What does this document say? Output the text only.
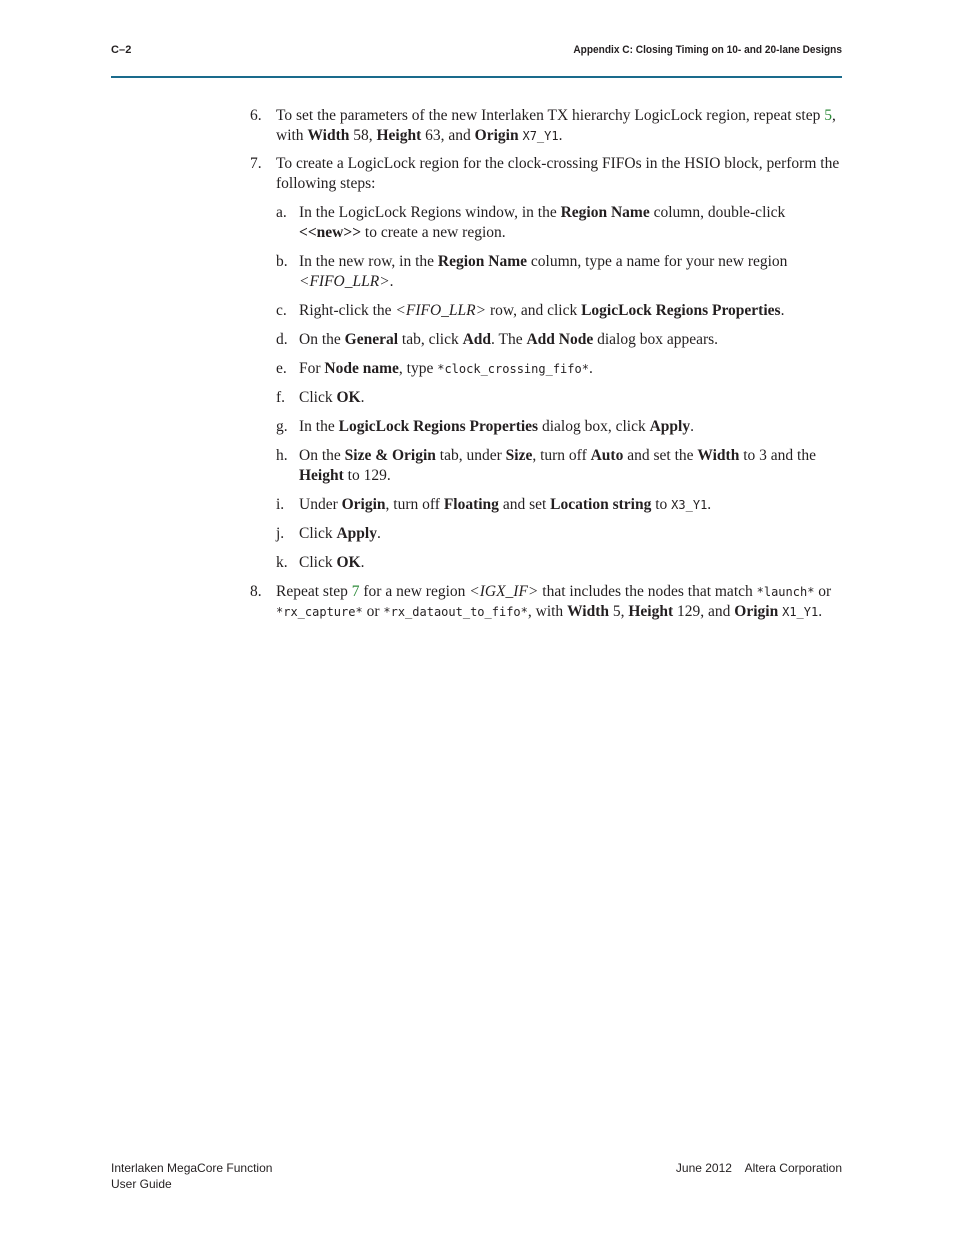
C–2	Appendix C: Closing Timing on 10- and 20-lane Designs
6. To set the parameters of the new Interlaken TX hierarchy LogicLock region, repeat step 5, with Width 58, Height 63, and Origin X7_Y1.
7. To create a LogicLock region for the clock-crossing FIFOs in the HSIO block, perform the following steps:
a. In the LogicLock Regions window, in the Region Name column, double-click <<new>> to create a new region.
b. In the new row, in the Region Name column, type a name for your new region <FIFO_LLR>.
c. Right-click the <FIFO_LLR> row, and click LogicLock Regions Properties.
d. On the General tab, click Add. The Add Node dialog box appears.
e. For Node name, type *clock_crossing_fifo*.
f. Click OK.
g. In the LogicLock Regions Properties dialog box, click Apply.
h. On the Size & Origin tab, under Size, turn off Auto and set the Width to 3 and the Height to 129.
i. Under Origin, turn off Floating and set Location string to X3_Y1.
j. Click Apply.
k. Click OK.
8. Repeat step 7 for a new region <IGX_IF> that includes the nodes that match *launch* or *rx_capture* or *rx_dataout_to_fifo*, with Width 5, Height 129, and Origin X1_Y1.
Interlaken MegaCore Function
User Guide
June 2012    Altera Corporation
